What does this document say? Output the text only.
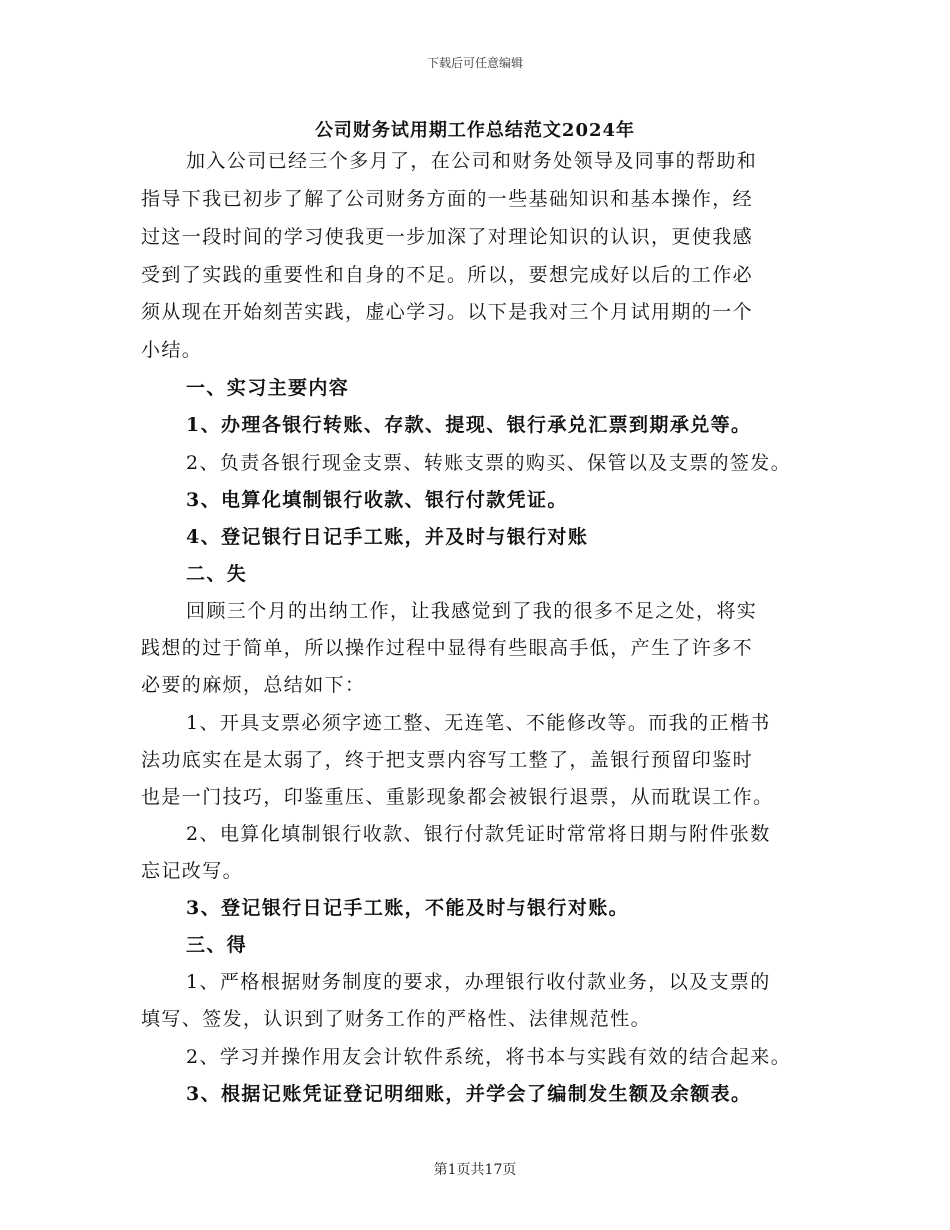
下载后可任意编辑
公司财务试用期工作总结范文2024年
加入公司已经三个多月了，在公司和财务处领导及同事的帮助和
指导下我已初步了解了公司财务方面的一些基础知识和基本操作，经
过这一段时间的学习使我更一步加深了对理论知识的认识，更使我感
受到了实践的重要性和自身的不足。所以，要想完成好以后的工作必
须从现在开始刻苦实践，虚心学习。以下是我对三个月试用期的一个
小结。
一、实习主要内容
1、办理各银行转账、存款、提现、银行承兑汇票到期承兑等。
2、负责各银行现金支票、转账支票的购买、保管以及支票的签发。
3、电算化填制银行收款、银行付款凭证。
4、登记银行日记手工账，并及时与银行对账
二、失
回顾三个月的出纳工作，让我感觉到了我的很多不足之处，将实
践想的过于简单，所以操作过程中显得有些眼高手低，产生了许多不
必要的麻烦，总结如下：
1、开具支票必须字迹工整、无连笔、不能修改等。而我的正楷书
法功底实在是太弱了，终于把支票内容写工整了，盖银行预留印鉴时
也是一门技巧，印鉴重压、重影现象都会被银行退票，从而耽误工作。
2、电算化填制银行收款、银行付款凭证时常常将日期与附件张数
忘记改写。
3、登记银行日记手工账，不能及时与银行对账。
三、得
1、严格根据财务制度的要求，办理银行收付款业务，以及支票的
填写、签发，认识到了财务工作的严格性、法律规范性。
2、学习并操作用友会计软件系统，将书本与实践有效的结合起来。
3、根据记账凭证登记明细账，并学会了编制发生额及余额表。
第1页共17页
